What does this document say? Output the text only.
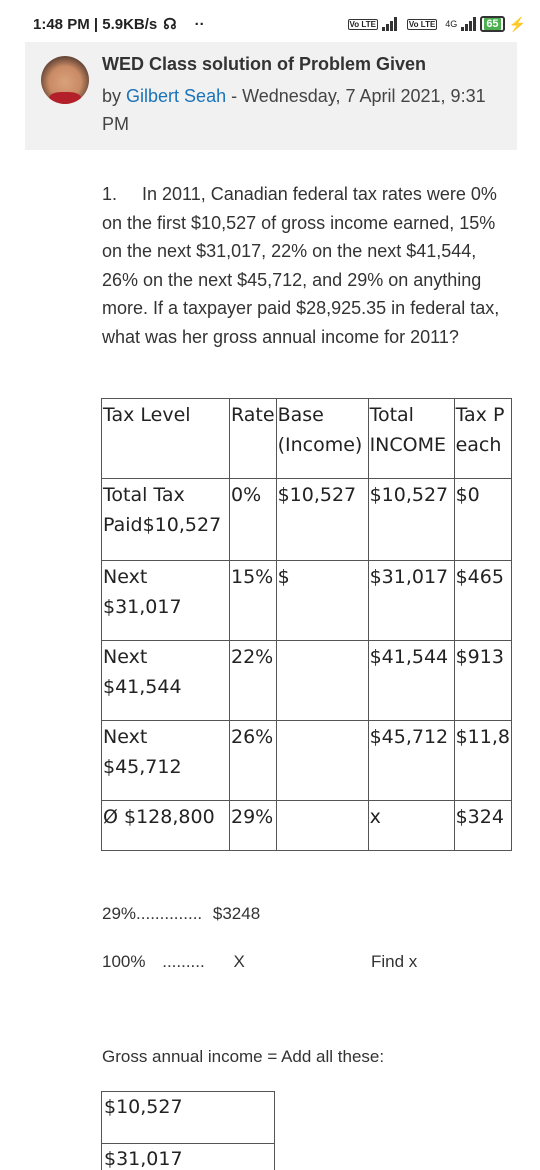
1:48 PM | 5.9KB/s ☊ ··	Vo LTE	Vo LTE 4G	65 ⚡
WED Class solution of Problem Given
by Gilbert Seah - Wednesday, 7 April 2021, 9:31 PM

1. In 2011, Canadian federal tax rates were 0% on the first $10,527 of gross income earned, 15% on the next $31,017, 22% on the next $41,544, 26% on the next $45,712, and 29% on anything more. If a taxpayer paid $28,925.35 in federal tax, what was her gross annual income for 2011?

Tax Level	Rate	Base (Income)	Total INCOME	Tax P each
Total Tax Paid$10,527	0%	$10,527	$10,527	$0
Next $31,017	15%	$	$31,017	$465
Next $41,544	22%		$41,544	$913
Next $45,712	26%		$45,712	$11,8
Ø $128,800	29%		x	$324
29%.............. $3248
100% ......... X	Find x
Gross annual income = Add all these:
$10,527
$31,017
